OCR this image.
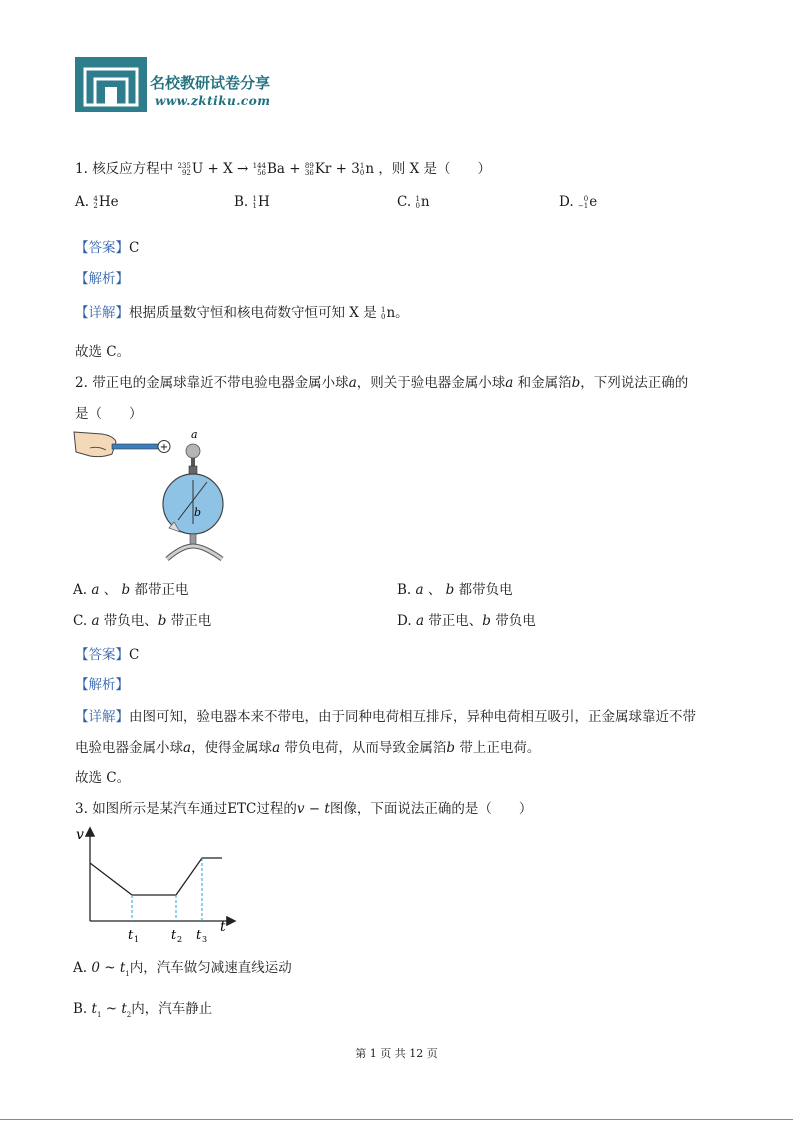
名校教研试卷分享
www.zktiku.com
1. 核反应方程中 235
92U + X → 144
56Ba + 89
36Kr + 31
0n ，则 X 是（　　）
A. 4
2He	B. 1
1H	C. 1
0n	D. 0
−1e
【答案】C
【解析】
【详解】根据质量数守恒和核电荷数守恒可知 X 是 1
0n。
故选 C。
2. 带正电的金属球靠近不带电验电器金属小球a，则关于验电器金属小球a 和金属箔b，下列说法正确的
是（　　）
+
a
b
A. a 、 b 都带正电	B. a 、 b 都带负电
C. a 带负电、b 带正电	D. a 带正电、b 带负电
【答案】C
【解析】
【详解】由图可知，验电器本来不带电，由于同种电荷相互排斥，异种电荷相互吸引，正金属球靠近不带
电验电器金属小球a，使得金属球a 带负电荷，从而导致金属箔b 带上正电荷。
故选 C。
3. 如图所示是某汽车通过ETC过程的v − t图像，下面说法正确的是（　　）
v
t
t 1 t 2 t 3
A. 0 ~ $t_1$内，汽车做匀减速直线运动
B. $t_1$ ~ $t_2$内，汽车静止
第 1 页 共 12 页
